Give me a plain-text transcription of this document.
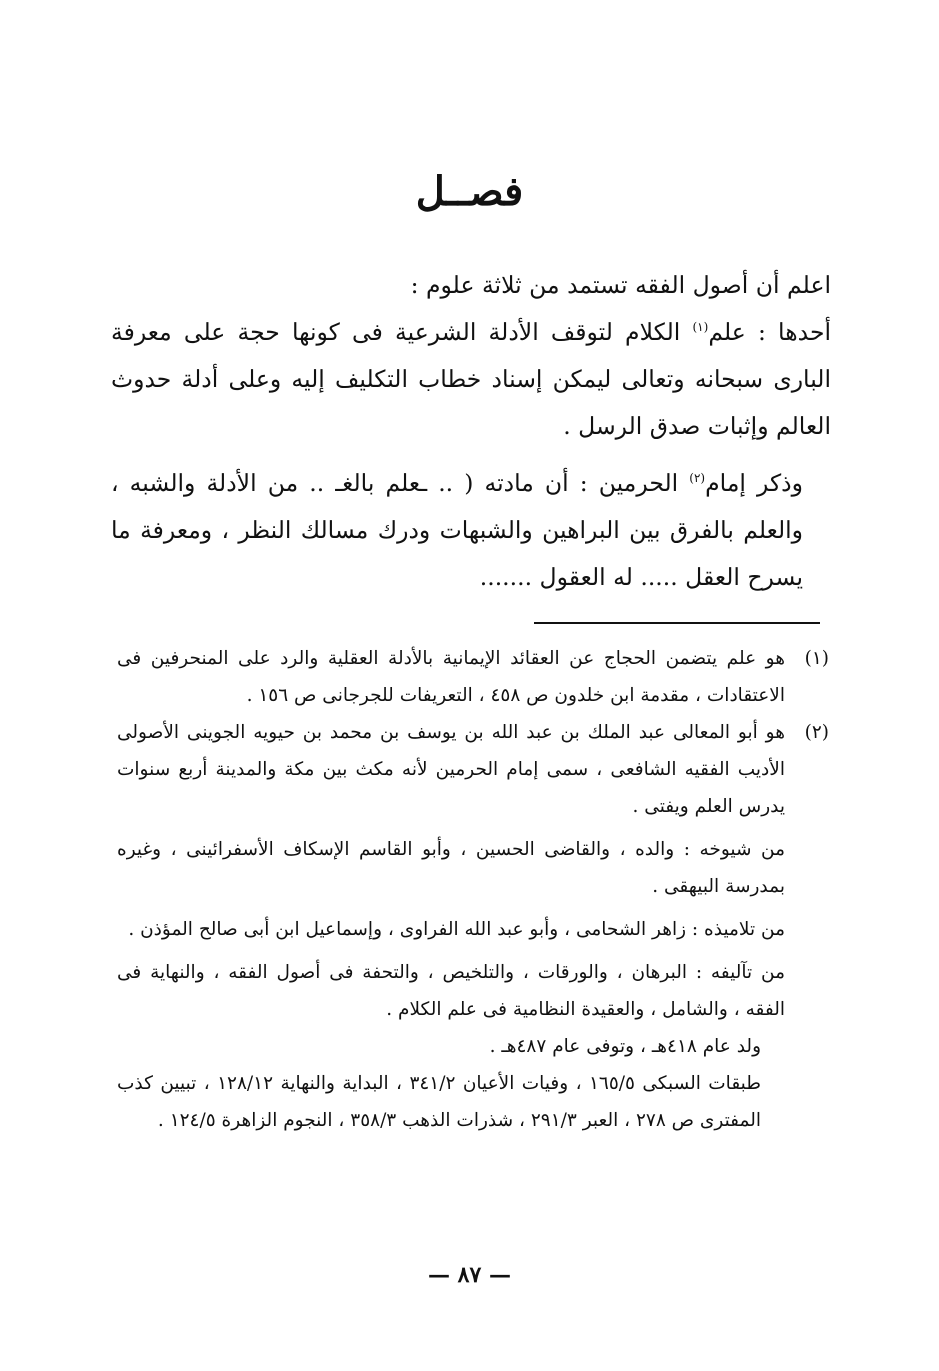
فصــل

اعلم أن أصول الفقه تستمد من ثلاثة علوم :

أحدها : علم$^{(١)}$ الكلام لتوقف الأدلة الشرعية فى كونها حجة على معرفة البارى سبحانه وتعالى ليمكن إسناد خطاب التكليف إليه وعلى أدلة حدوث العالم وإثبات صدق الرسل .

وذكر إمام$^{(٢)}$ الحرمين : أن مادته ( .. ـعلم بالغـ .. من الأدلة والشبه ، والعلم بالفرق بين البراهين والشبهات ودرك مسالك النظر ، ومعرفة ما يسرح العقل ..... له العقول .......

(١)

هو علم يتضمن الحجاج عن العقائد الإيمانية بالأدلة العقلية والرد على المنحرفين فى الاعتقادات ، مقدمة ابن خلدون ص ٤٥٨ ، التعريفات للجرجانى ص ١٥٦ .

(٢)

هو أبو المعالى عبد الملك بن عبد الله بن يوسف بن محمد بن حيويه الجوينى الأصولى الأديب الفقيه الشافعى ، سمى إمام الحرمين لأنه مكث بين مكة والمدينة أربع سنوات يدرس العلم ويفتى .

من شيوخه : والده ، والقاضى الحسين ، وأبو القاسم الإسكاف الأسفرائينى ، وغيره بمدرسة البيهقى .

من تلاميذه : زاهر الشحامى ، وأبو عبد الله الفراوى ، وإسماعيل ابن أبى صالح المؤذن .

من تآليفه : البرهان ، والورقات ، والتلخيص ، والتحفة فى أصول الفقه ، والنهاية فى الفقه ، والشامل ، والعقيدة النظامية فى علم الكلام .

ولد عام ٤١٨هـ ، وتوفى عام ٤٨٧هـ .

طبقات السبكى ١٦٥/٥ ، وفيات الأعيان ٣٤١/٢ ، البداية والنهاية ١٢٨/١٢ ، تبيين كذب المفترى ص ٢٧٨ ، العبر ٢٩١/٣ ، شذرات الذهب ٣٥٨/٣ ، النجوم الزاهرة ١٢٤/٥ .

— ٨٧ —
